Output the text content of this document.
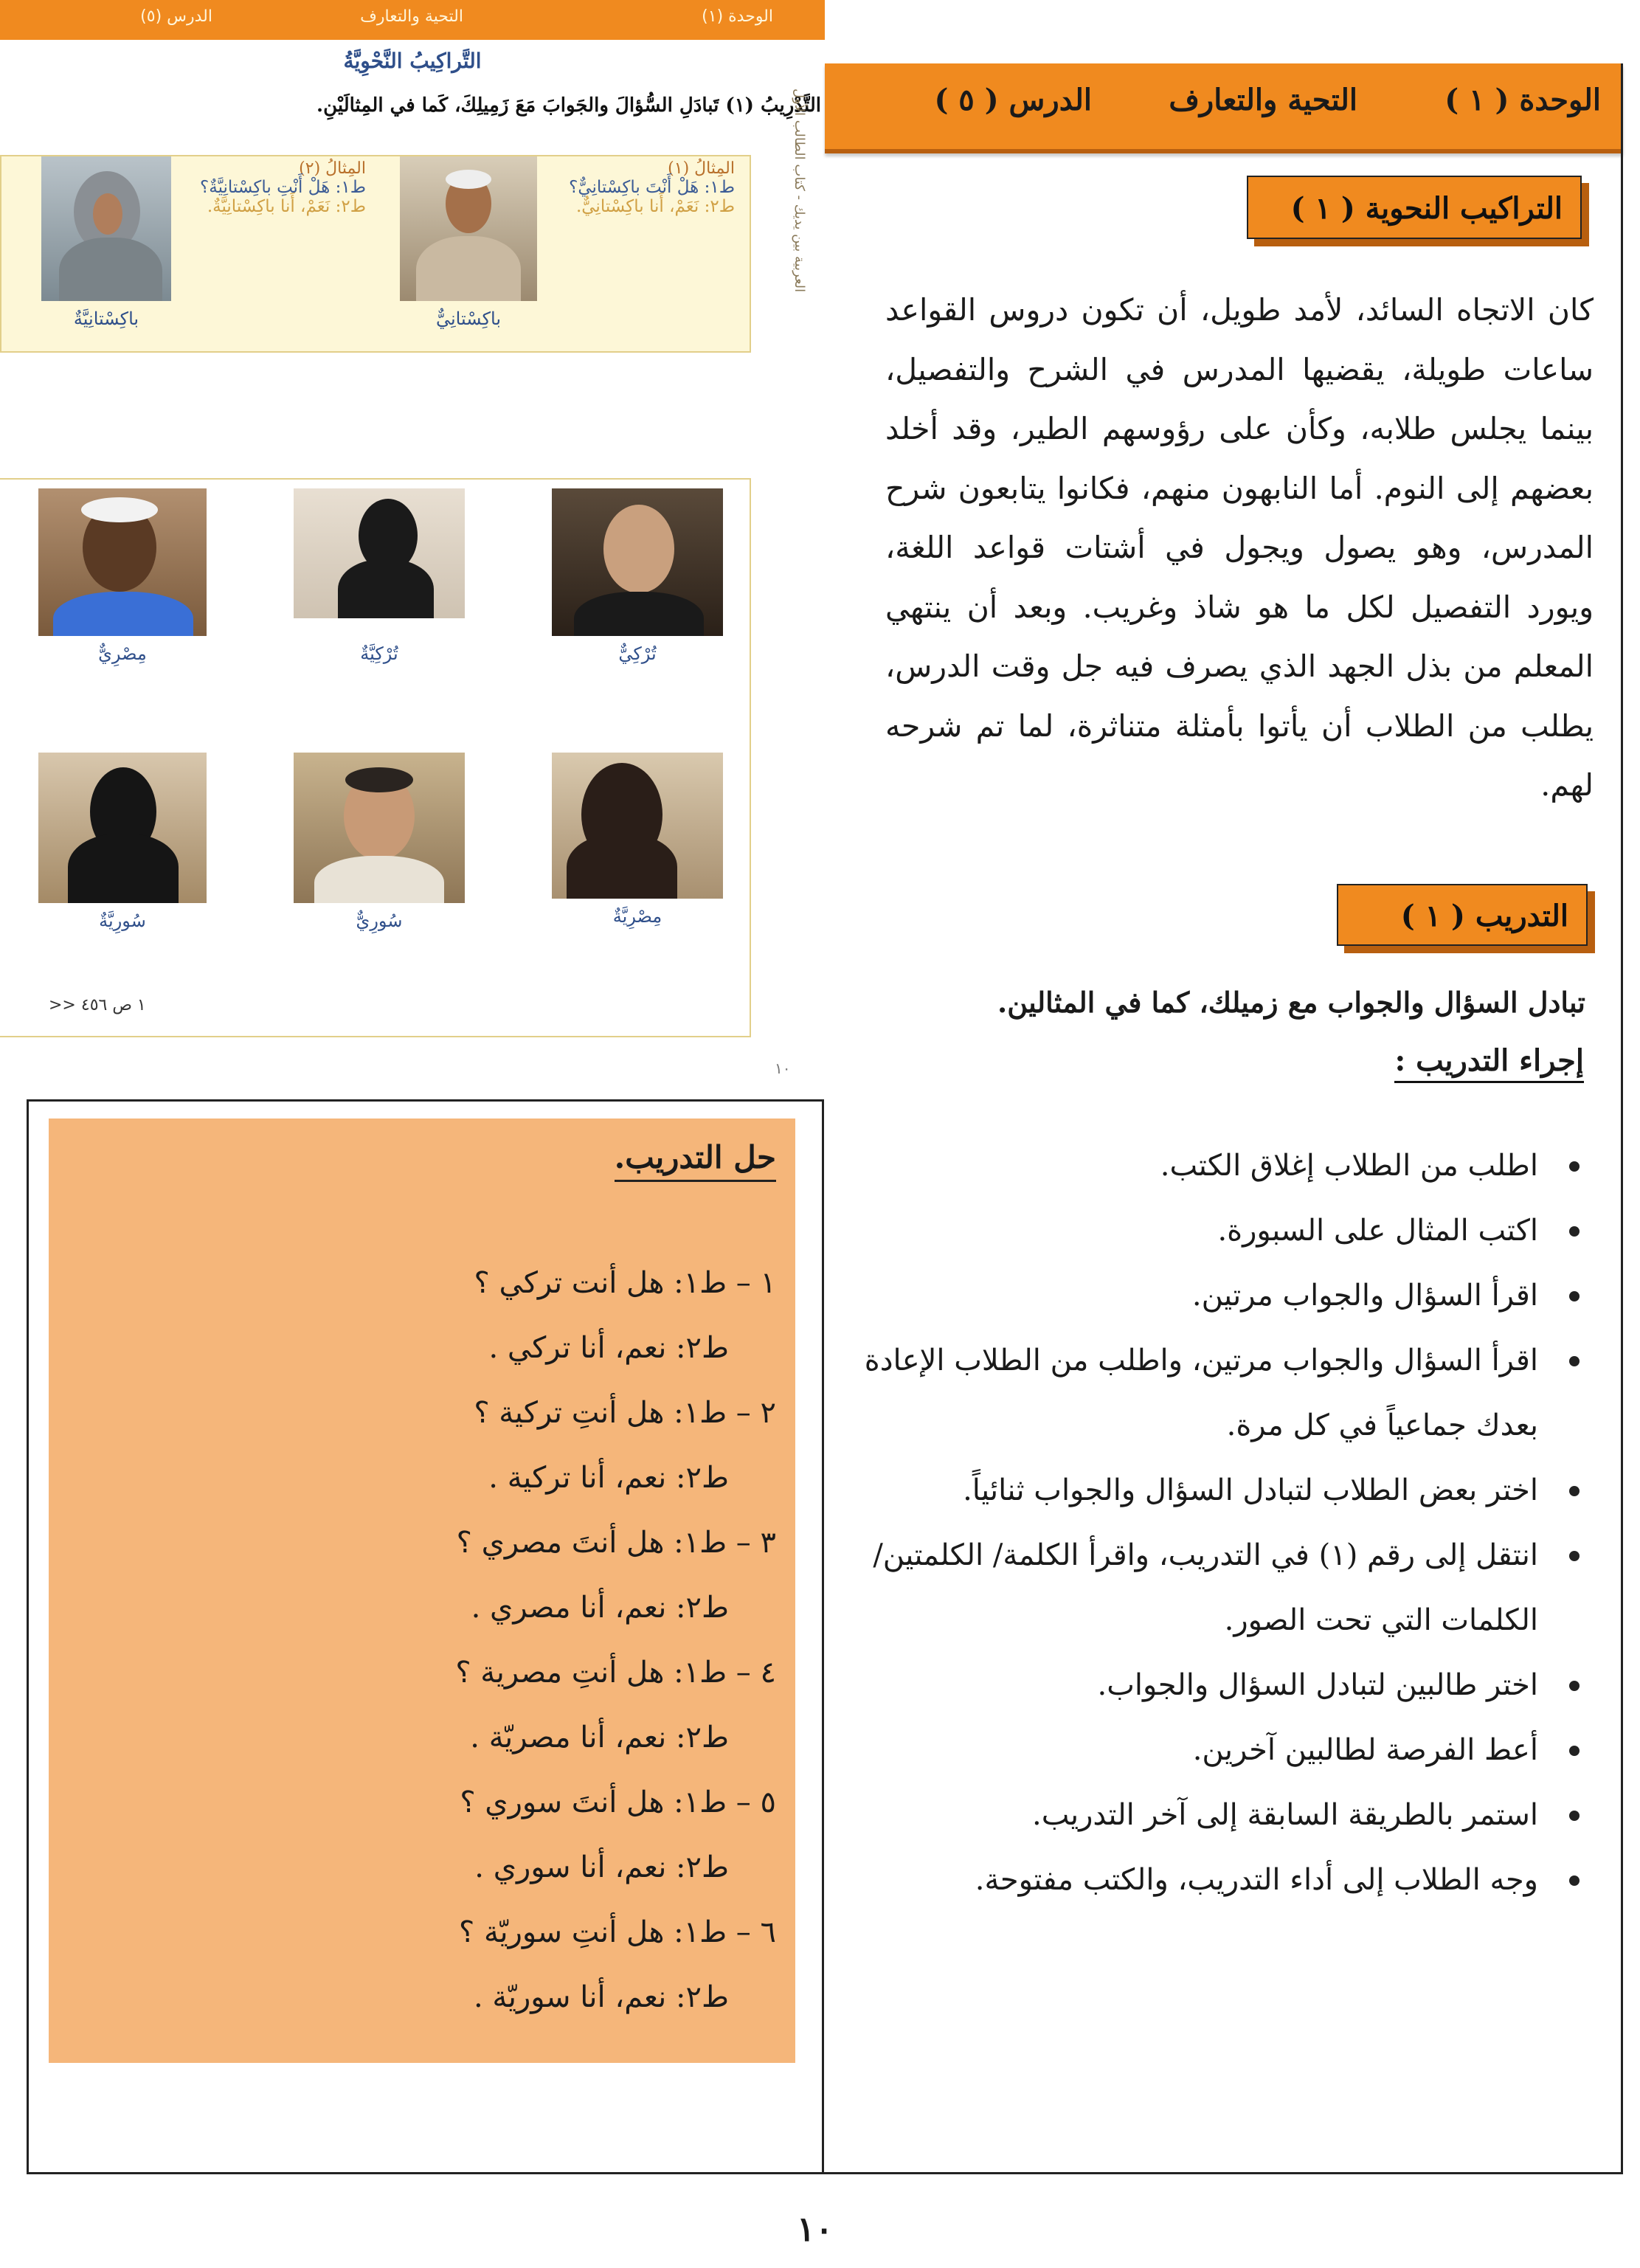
الوحدة (١)
التحية والتعارف
الدرس (٥)
التَّراكِيبُ النَّحْوِيَّةُ
التَّدْرِيبُ (١) تَبادَلِ السُّؤالَ والجَوابَ مَعَ زَمِيلِكَ، كَما في المِثالَيْنِ.
العربية بين يديك - كتاب الطالب الأول
المِثالُ (١)
ط١: هَلْ أَنْتَ باكِسْتانِيٌّ؟
ط٢: نَعَمْ، أَنا باكِسْتانِيٌّ.
باكِسْتانِيٌّ
المِثالُ (٢)
ط١: هَلْ أَنْتِ باكِسْتانِيَّةٌ؟
ط٢: نَعَمْ، أَنا باكِسْتانِيَّةٌ.
باكِسْتانِيَّةٌ
تُرْكِيٌّ
تُرْكِيَّةٌ
مِصْرِيٌّ
مِصْرِيَّةٌ
سُورِيٌّ
سُورِيَّةٌ
>> ١ ص ٤٥٦
١٠
الوحدة ( ١ )
التحية والتعارف
الدرس ( ٥ )
التراكيب النحوية ( ١ )
كان الاتجاه السائد، لأمد طويل، أن تكون دروس القواعد ساعات طويلة، يقضيها المدرس في الشرح والتفصيل، بينما يجلس طلابه، وكأن على رؤوسهم الطير، وقد أخلد بعضهم إلى النوم. أما النابهون منهم، فكانوا يتابعون شرح المدرس، وهو يصول ويجول في أشتات قواعد اللغة، ويورد التفصيل لكل ما هو شاذ وغريب. وبعد أن ينتهي المعلم من بذل الجهد الذي يصرف فيه جل وقت الدرس، يطلب من الطلاب أن يأتوا بأمثلة متناثرة، لما تم شرحه لهم.
التدريب ( ١ )
تبادل السؤال والجواب مع زميلك، كما في المثالين.
إجراء التدريب :
اطلب من الطلاب إغلاق الكتب.
اكتب المثال على السبورة.
اقرأ السؤال والجواب مرتين.
اقرأ السؤال والجواب مرتين، واطلب من الطلاب الإعادة بعدك جماعياً في كل مرة.
اختر بعض الطلاب لتبادل السؤال والجواب ثنائياً.
انتقل إلى رقم (١) في التدريب، واقرأ الكلمة/ الكلمتين/ الكلمات التي تحت الصور.
اختر طالبين لتبادل السؤال والجواب.
أعط الفرصة لطالبين آخرين.
استمر بالطريقة السابقة إلى آخر التدريب.
وجه الطلاب إلى أداء التدريب، والكتب مفتوحة.
حل التدريب.
١ – ط١: هل أنت تركي ؟
ط٢: نعم، أنا تركي .
٢ – ط١: هل أنتِ تركية ؟
ط٢: نعم، أنا تركية .
٣ – ط١: هل أنتَ مصري ؟
ط٢: نعم، أنا مصري .
٤ – ط١: هل أنتِ مصرية ؟
ط٢: نعم، أنا مصريّة .
٥ – ط١: هل أنتَ سوري ؟
ط٢: نعم، أنا سوري .
٦ – ط١: هل أنتِ سوريّة ؟
ط٢: نعم، أنا سوريّة .
١٠
